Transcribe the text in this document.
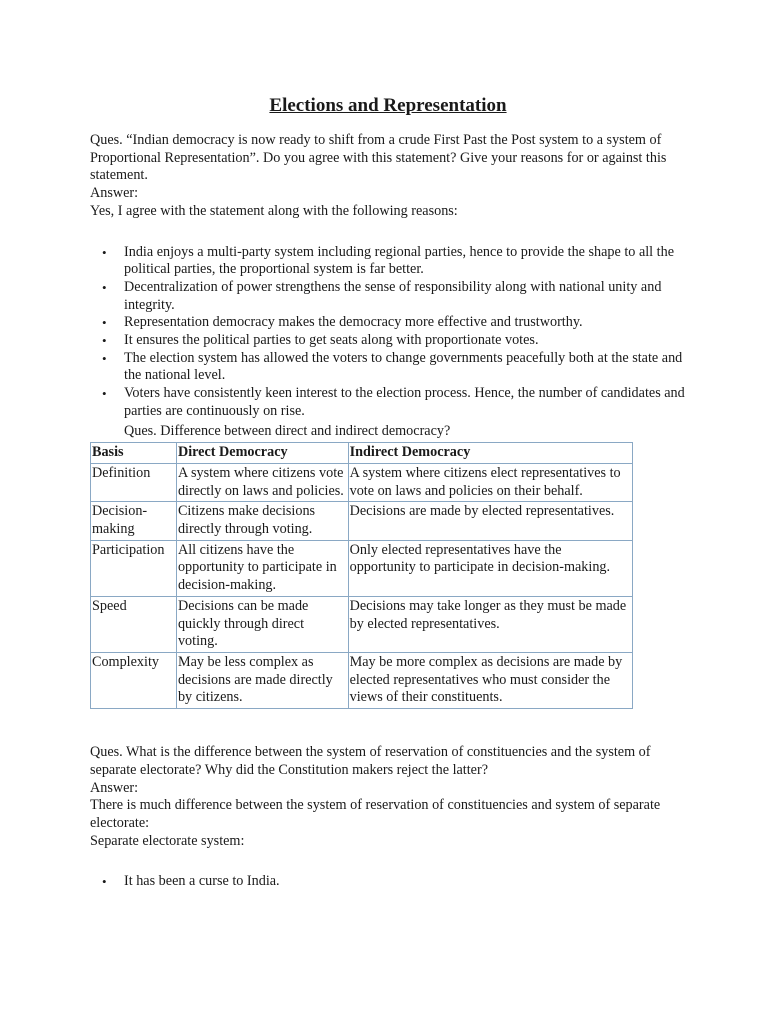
Elections and Representation

Ques. “Indian democracy is now ready to shift from a crude First Past the Post system to a system of Proportional Representation”. Do you agree with this statement? Give your reasons for or against this statement.

Answer:

Yes, I agree with the statement along with the following reasons:

• India enjoys a multi-party system including regional parties, hence to provide the shape to all the political parties, the proportional system is far better.
• Decentralization of power strengthens the sense of responsibility along with national unity and integrity.
• Representation democracy makes the democracy more effective and trustworthy.
• It ensures the political parties to get seats along with proportionate votes.
• The election system has allowed the voters to change governments peacefully both at the state and the national level.
• Voters have consistently keen interest to the election process. Hence, the number of candidates and parties are continuously on rise.

Ques. Difference between direct and indirect democracy?

Basis	Direct Democracy	Indirect Democracy
Definition	A system where citizens vote directly on laws and policies.	A system where citizens elect representatives to vote on laws and policies on their behalf.
Decision-making	Citizens make decisions directly through voting.	Decisions are made by elected representatives.
Participation	All citizens have the opportunity to participate in decision-making.	Only elected representatives have the opportunity to participate in decision-making.
Speed	Decisions can be made quickly through direct voting.	Decisions may take longer as they must be made by elected representatives.
Complexity	May be less complex as decisions are made directly by citizens.	May be more complex as decisions are made by elected representatives who must consider the views of their constituents.

Ques. What is the difference between the system of reservation of constituencies and the system of separate electorate? Why did the Constitution makers reject the latter?

Answer:

There is much difference between the system of reservation of constituencies and system of separate electorate:

Separate electorate system:

• It has been a curse to India.
